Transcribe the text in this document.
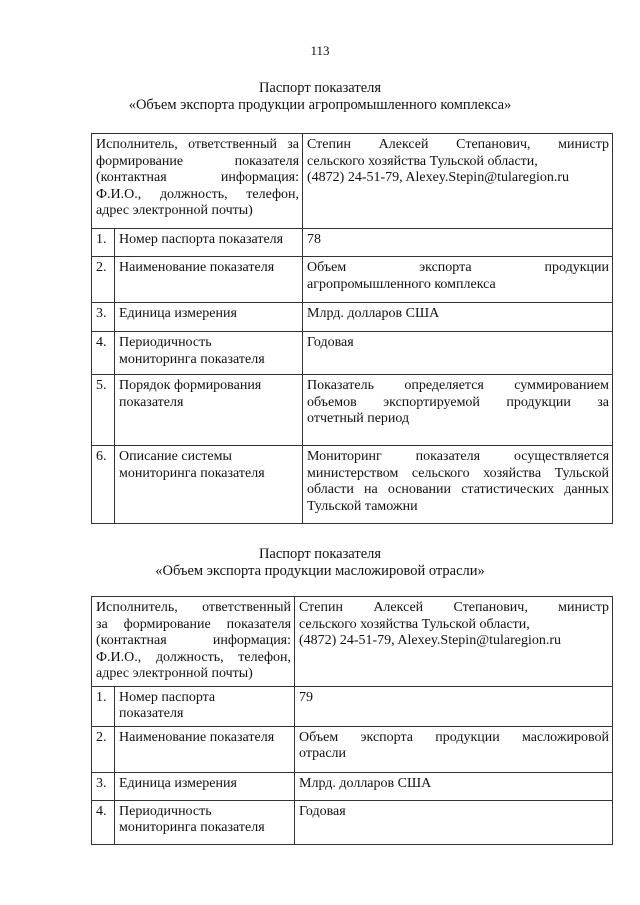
113
Паспорт показателя
«Объем экспорта продукции агропромышленного комплекса»
Исполнитель, ответственный за
формирование показателя
(контактная информация:
Ф.И.О., должность, телефон,
адрес электронной почты)		Степин Алексей Степанович, министр
сельского хозяйства Тульской области,
(4872) 24-51-79, Alexey.Stepin@tularegion.ru

1.	Номер паспорта показателя	78

2.	Наименование показателя	Объем экспорта продукции
агропромышленного комплекса

3.	Единица измерения	Млрд. долларов США

4.	Периодичность
мониторинга показателя	Годовая

5.	Порядок формирования
показателя	Показатель определяется суммированием
объемов экспортируемой продукции за
отчетный период

6.	Описание системы
мониторинга показателя	Мониторинг показателя осуществляется
министерством сельского хозяйства Тульской
области на основании статистических данных
Тульской таможни
Паспорт показателя
«Объем экспорта продукции масложировой отрасли»
Исполнитель, ответственный
за формирование показателя
(контактная информация:
Ф.И.О., должность, телефон,
адрес электронной почты)		Степин Алексей Степанович, министр
сельского хозяйства Тульской области,
(4872) 24-51-79, Alexey.Stepin@tularegion.ru

1.	Номер паспорта
показателя	79

2.	Наименование показателя	Объем экспорта продукции масложировой
отрасли

3.	Единица измерения	Млрд. долларов США

4.	Периодичность
мониторинга показателя	Годовая
